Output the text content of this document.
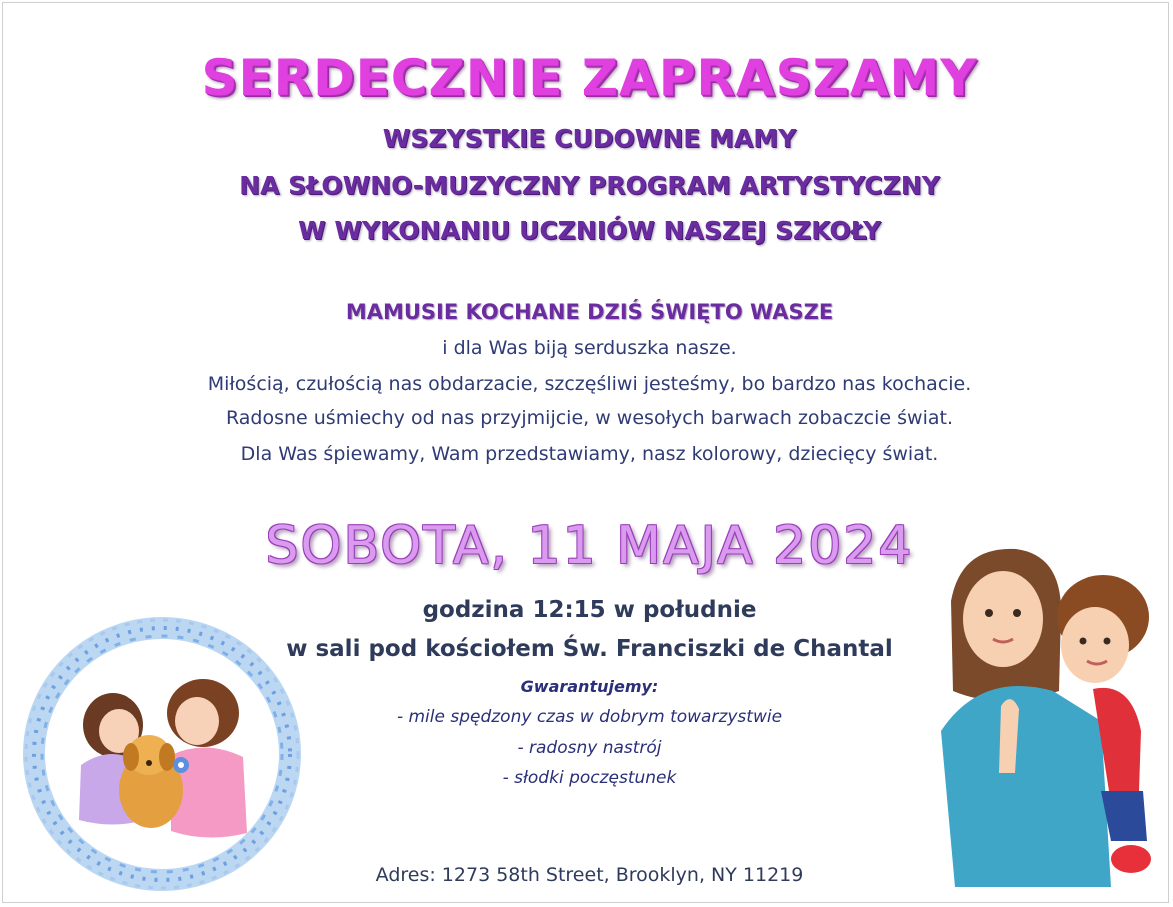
SERDECZNIE ZAPRASZAMY
WSZYSTKIE CUDOWNE MAMY
NA SŁOWNO-MUZYCZNY PROGRAM ARTYSTYCZNY
W WYKONANIU UCZNIÓW NASZEJ SZKOŁY
MAMUSIE KOCHANE DZIŚ ŚWIĘTO WASZE
i dla Was biją serduszka nasze.
Miłością, czułością nas obdarzacie, szczęśliwi jesteśmy, bo bardzo nas kochacie.
Radosne uśmiechy od nas przyjmijcie, w wesołych barwach zobaczcie świat.
Dla Was śpiewamy, Wam przedstawiamy, nasz kolorowy, dziecięcy świat.
SOBOTA, 11 MAJA 2024
godzina 12:15 w południe
w sali pod kościołem Św. Franciszki de Chantal
Gwarantujemy:
- mile spędzony czas w dobrym towarzystwie
- radosny nastrój
- słodki poczęstunek
Adres: 1273 58th Street, Brooklyn, NY 11219
